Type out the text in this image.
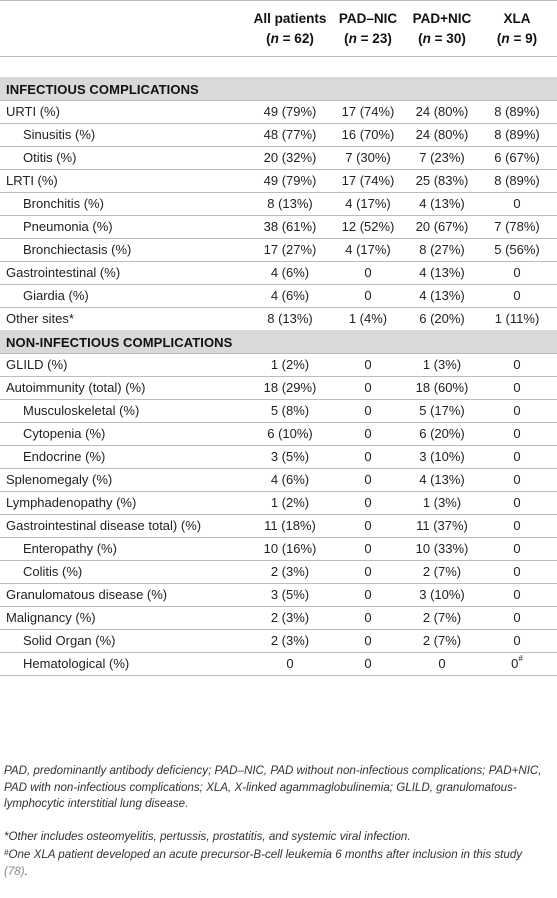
All patients
(n = 62)
PAD–NIC
(n = 23)
PAD+NIC
(n = 30)
XLA
(n = 9)
INFECTIOUS COMPLICATIONS
URTI (%)	49 (79%)	17 (74%)	24 (80%)	8 (89%)
Sinusitis (%)	48 (77%)	16 (70%)	24 (80%)	8 (89%)
Otitis (%)	20 (32%)	7 (30%)	7 (23%)	6 (67%)
LRTI (%)	49 (79%)	17 (74%)	25 (83%)	8 (89%)
Bronchitis (%)	8 (13%)	4 (17%)	4 (13%)	0
Pneumonia (%)	38 (61%)	12 (52%)	20 (67%)	7 (78%)
Bronchiectasis (%)	17 (27%)	4 (17%)	8 (27%)	5 (56%)
Gastrointestinal (%)	4 (6%)	0	4 (13%)	0
Giardia (%)	4 (6%)	0	4 (13%)	0
Other sites*	8 (13%)	1 (4%)	6 (20%)	1 (11%)
NON-INFECTIOUS COMPLICATIONS
GLILD (%)	1 (2%)	0	1 (3%)	0
Autoimmunity (total) (%)	18 (29%)	0	18 (60%)	0
Musculoskeletal (%)	5 (8%)	0	5 (17%)	0
Cytopenia (%)	6 (10%)	0	6 (20%)	0
Endocrine (%)	3 (5%)	0	3 (10%)	0
Splenomegaly (%)	4 (6%)	0	4 (13%)	0
Lymphadenopathy (%)	1 (2%)	0	1 (3%)	0
Gastrointestinal disease total) (%)	11 (18%)	0	11 (37%)	0
Enteropathy (%)	10 (16%)	0	10 (33%)	0
Colitis (%)	2 (3%)	0	2 (7%)	0
Granulomatous disease (%)	3 (5%)	0	3 (10%)	0
Malignancy (%)	2 (3%)	0	2 (7%)	0
Solid Organ (%)	2 (3%)	0	2 (7%)	0
Hematological (%)	0	0	0	0#
PAD, predominantly antibody deficiency; PAD–NIC, PAD without non-infectious complications; PAD+NIC, PAD with non-infectious complications; XLA, X-linked agammaglobulinemia; GLILD, granulomatous-lymphocytic interstitial lung disease.
*Other includes osteomyelitis, pertussis, prostatitis, and systemic viral infection.
#One XLA patient developed an acute precursor-B-cell leukemia 6 months after inclusion in this study (78).
